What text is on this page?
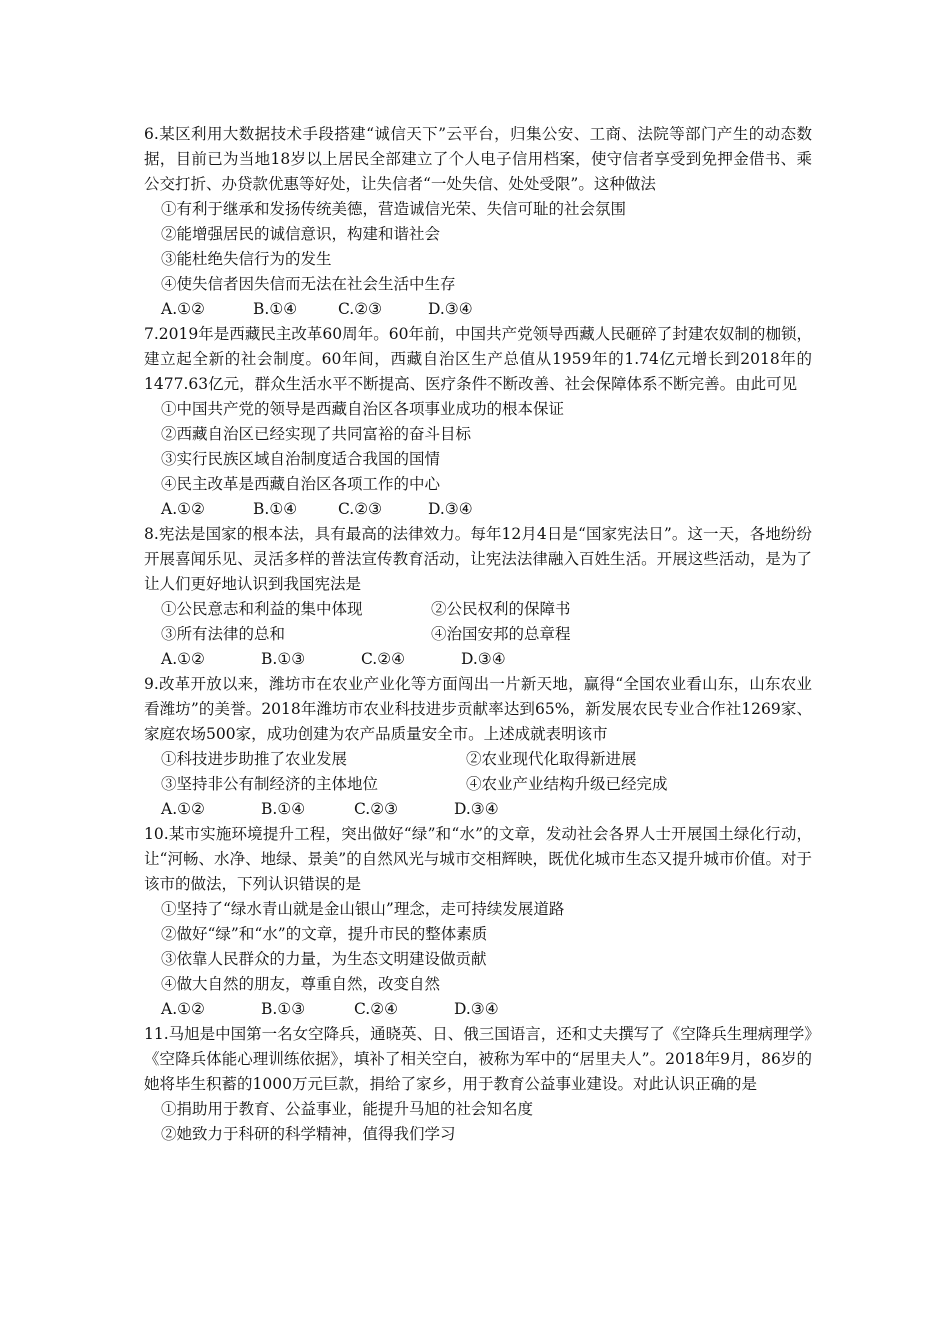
6.某区利用大数据技术手段搭建“诚信天下”云平台，归集公安、工商、法院等部门产生的动态数据，目前已为当地18岁以上居民全部建立了个人电子信用档案，使守信者享受到免押金借书、乘公交打折、办贷款优惠等好处，让失信者“一处失信、处处受限”。这种做法

①有利于继承和发扬传统美德，营造诚信光荣、失信可耻的社会氛围

②能增强居民的诚信意识，构建和谐社会

③能杜绝失信行为的发生

④使失信者因失信而无法在社会生活中生存

A.①②	B.①④	C.②③	D.③④

7.2019年是西藏民主改革60周年。60年前，中国共产党领导西藏人民砸碎了封建农奴制的枷锁，建立起全新的社会制度。60年间，西藏自治区生产总值从1959年的1.74亿元增长到2018年的1477.63亿元，群众生活水平不断提高、医疗条件不断改善、社会保障体系不断完善。由此可见

①中国共产党的领导是西藏自治区各项事业成功的根本保证

②西藏自治区已经实现了共同富裕的奋斗目标

③实行民族区域自治制度适合我国的国情

④民主改革是西藏自治区各项工作的中心

A.①②	B.①④	C.②③	D.③④

8.宪法是国家的根本法，具有最高的法律效力。每年12月4日是“国家宪法日”。这一天，各地纷纷开展喜闻乐见、灵活多样的普法宣传教育活动，让宪法法律融入百姓生活。开展这些活动，是为了让人们更好地认识到我国宪法是

①公民意志和利益的集中体现	②公民权利的保障书

③所有法律的总和	④治国安邦的总章程

A.①②	B.①③	C.②④	D.③④

9.改革开放以来，潍坊市在农业产业化等方面闯出一片新天地，赢得“全国农业看山东，山东农业看潍坊”的美誉。2018年潍坊市农业科技进步贡献率达到65%，新发展农民专业合作社1269家、家庭农场500家，成功创建为农产品质量安全市。上述成就表明该市

①科技进步助推了农业发展	②农业现代化取得新进展

③坚持非公有制经济的主体地位	④农业产业结构升级已经完成

A.①②	B.①④	C.②③	D.③④

10.某市实施环境提升工程，突出做好“绿”和“水”的文章，发动社会各界人士开展国土绿化行动，让“河畅、水净、地绿、景美”的自然风光与城市交相辉映，既优化城市生态又提升城市价值。对于该市的做法，下列认识错误的是

①坚持了“绿水青山就是金山银山”理念，走可持续发展道路

②做好“绿”和“水”的文章，提升市民的整体素质

③依靠人民群众的力量，为生态文明建设做贡献

④做大自然的朋友，尊重自然，改变自然

A.①②	B.①③	C.②④	D.③④

11.马旭是中国第一名女空降兵，通晓英、日、俄三国语言，还和丈夫撰写了《空降兵生理病理学》《空降兵体能心理训练依据》，填补了相关空白，被称为军中的“居里夫人”。2018年9月，86岁的她将毕生积蓄的1000万元巨款，捐给了家乡，用于教育公益事业建设。对此认识正确的是

①捐助用于教育、公益事业，能提升马旭的社会知名度

②她致力于科研的科学精神，值得我们学习
